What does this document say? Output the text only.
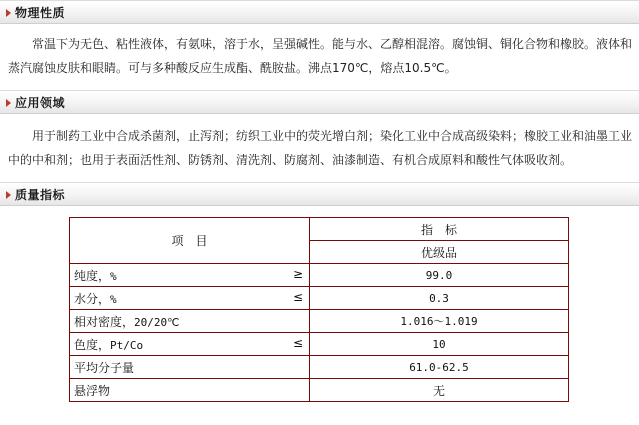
物理性质

常温下为无色、粘性液体，有氨味，溶于水，呈强碱性。能与水、乙醇相混溶。腐蚀铜、铜化合物和橡胶。液体和蒸汽腐蚀皮肤和眼睛。可与多种酸反应生成酯、酰胺盐。沸点170℃，熔点10.5℃。

应用领域

用于制药工业中合成杀菌剂，止泻剂；纺织工业中的荧光增白剂；染化工业中合成高级染料；橡胶工业和油墨工业中的中和剂；也用于表面活性剂、防锈剂、清洗剂、防腐剂、油漆制造、有机合成原料和酸性气体吸收剂。

质量指标
项　目	指　标
	优级品
纯度，% ≥	99.0
水分，% ≤	0.3
相对密度，20/20℃	1.016～1.019
色度，Pt/Co ≤	10
平均分子量	61.0-62.5
悬浮物	无
